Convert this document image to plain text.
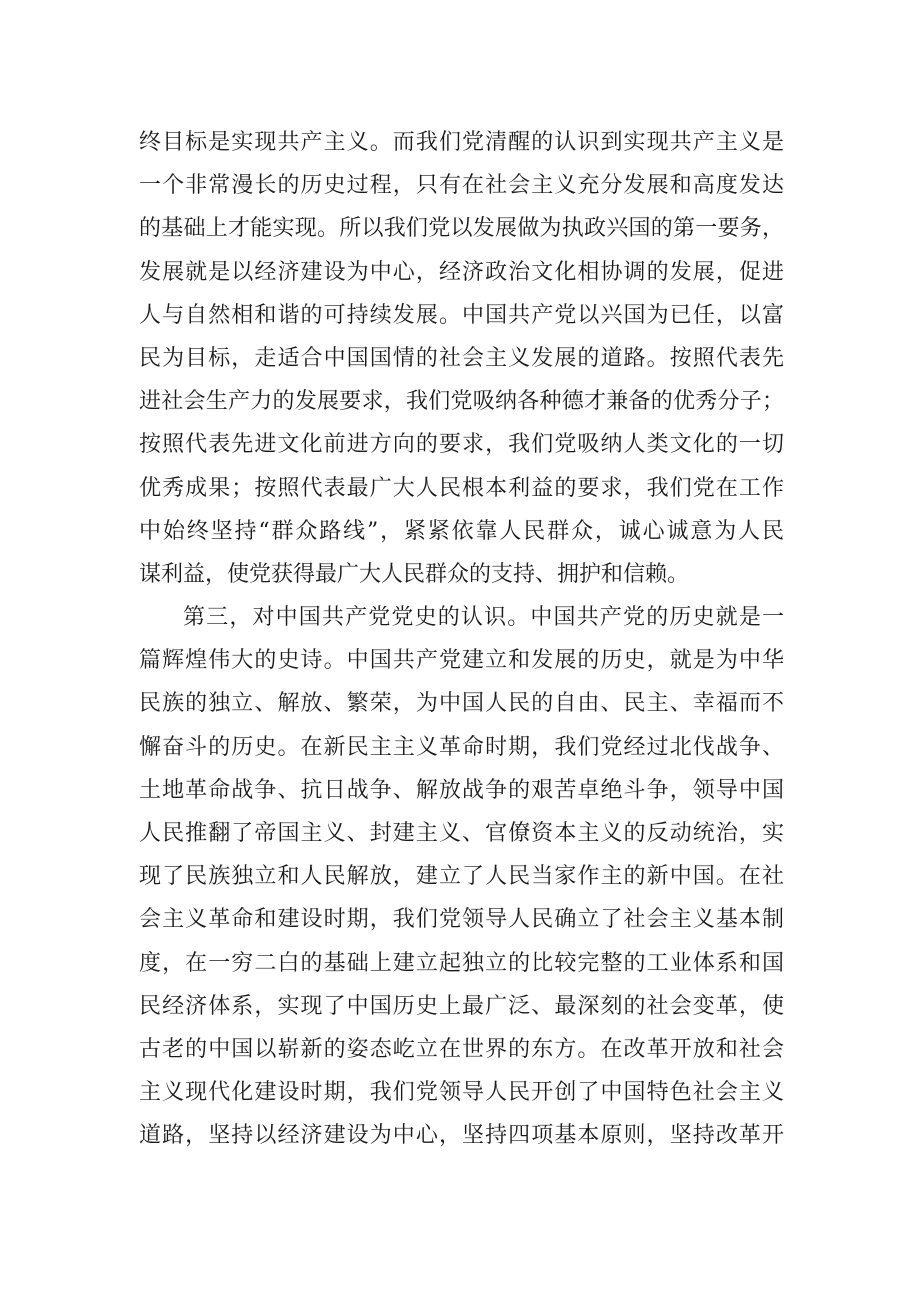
终目标是实现共产主义。而我们党清醒的认识到实现共产主义是
一个非常漫长的历史过程，只有在社会主义充分发展和高度发达
的基础上才能实现。所以我们党以发展做为执政兴国的第一要务，
发展就是以经济建设为中心，经济政治文化相协调的发展，促进
人与自然相和谐的可持续发展。中国共产党以兴国为已任，以富
民为目标，走适合中国国情的社会主义发展的道路。按照代表先
进社会生产力的发展要求，我们党吸纳各种德才兼备的优秀分子；
按照代表先进文化前进方向的要求，我们党吸纳人类文化的一切
优秀成果；按照代表最广大人民根本利益的要求，我们党在工作
中始终坚持“群众路线”，紧紧依靠人民群众，诚心诚意为人民
谋利益，使党获得最广大人民群众的支持、拥护和信赖。
第三，对中国共产党党史的认识。中国共产党的历史就是一
篇辉煌伟大的史诗。中国共产党建立和发展的历史，就是为中华
民族的独立、解放、繁荣，为中国人民的自由、民主、幸福而不
懈奋斗的历史。在新民主主义革命时期，我们党经过北伐战争、
土地革命战争、抗日战争、解放战争的艰苦卓绝斗争，领导中国
人民推翻了帝国主义、封建主义、官僚资本主义的反动统治，实
现了民族独立和人民解放，建立了人民当家作主的新中国。在社
会主义革命和建设时期，我们党领导人民确立了社会主义基本制
度，在一穷二白的基础上建立起独立的比较完整的工业体系和国
民经济体系，实现了中国历史上最广泛、最深刻的社会变革，使
古老的中国以崭新的姿态屹立在世界的东方。在改革开放和社会
主义现代化建设时期，我们党领导人民开创了中国特色社会主义
道路，坚持以经济建设为中心，坚持四项基本原则，坚持改革开
